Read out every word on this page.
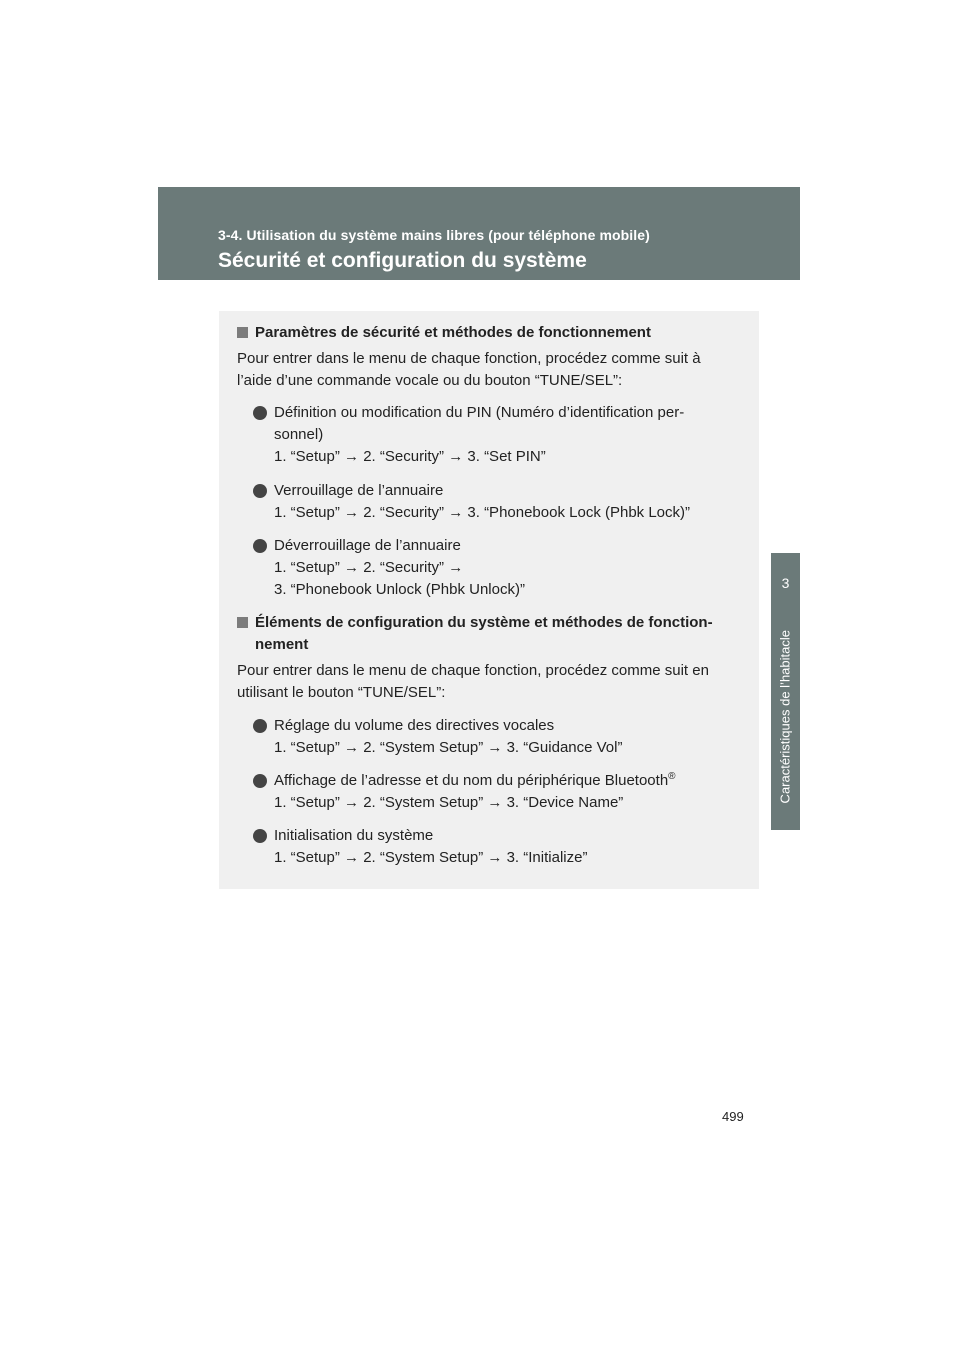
3-4. Utilisation du système mains libres (pour téléphone mobile)
Sécurité et configuration du système
3
Caractéristiques de l’habitacle
Paramètres de sécurité et méthodes de fonctionnement
Pour entrer dans le menu de chaque fonction, procédez comme suit à l’aide d’une commande vocale ou du bouton “TUNE/SEL”:
Définition ou modification du PIN (Numéro d’identification per-
sonnel)
1. “Setup” → 2. “Security” → 3. “Set PIN”
Verrouillage de l’annuaire
1. “Setup” → 2. “Security” → 3. “Phonebook Lock (Phbk Lock)”
Déverrouillage de l’annuaire
1. “Setup” → 2. “Security” →
3. “Phonebook Unlock (Phbk Unlock)”
Éléments de configuration du système et méthodes de fonction-
nement
Pour entrer dans le menu de chaque fonction, procédez comme suit en utilisant le bouton “TUNE/SEL”:
Réglage du volume des directives vocales
1. “Setup” → 2. “System Setup” → 3. “Guidance Vol”
Affichage de l’adresse et du nom du périphérique Bluetooth®
1. “Setup” → 2. “System Setup” → 3. “Device Name”
Initialisation du système
1. “Setup” → 2. “System Setup” → 3. “Initialize”
499
